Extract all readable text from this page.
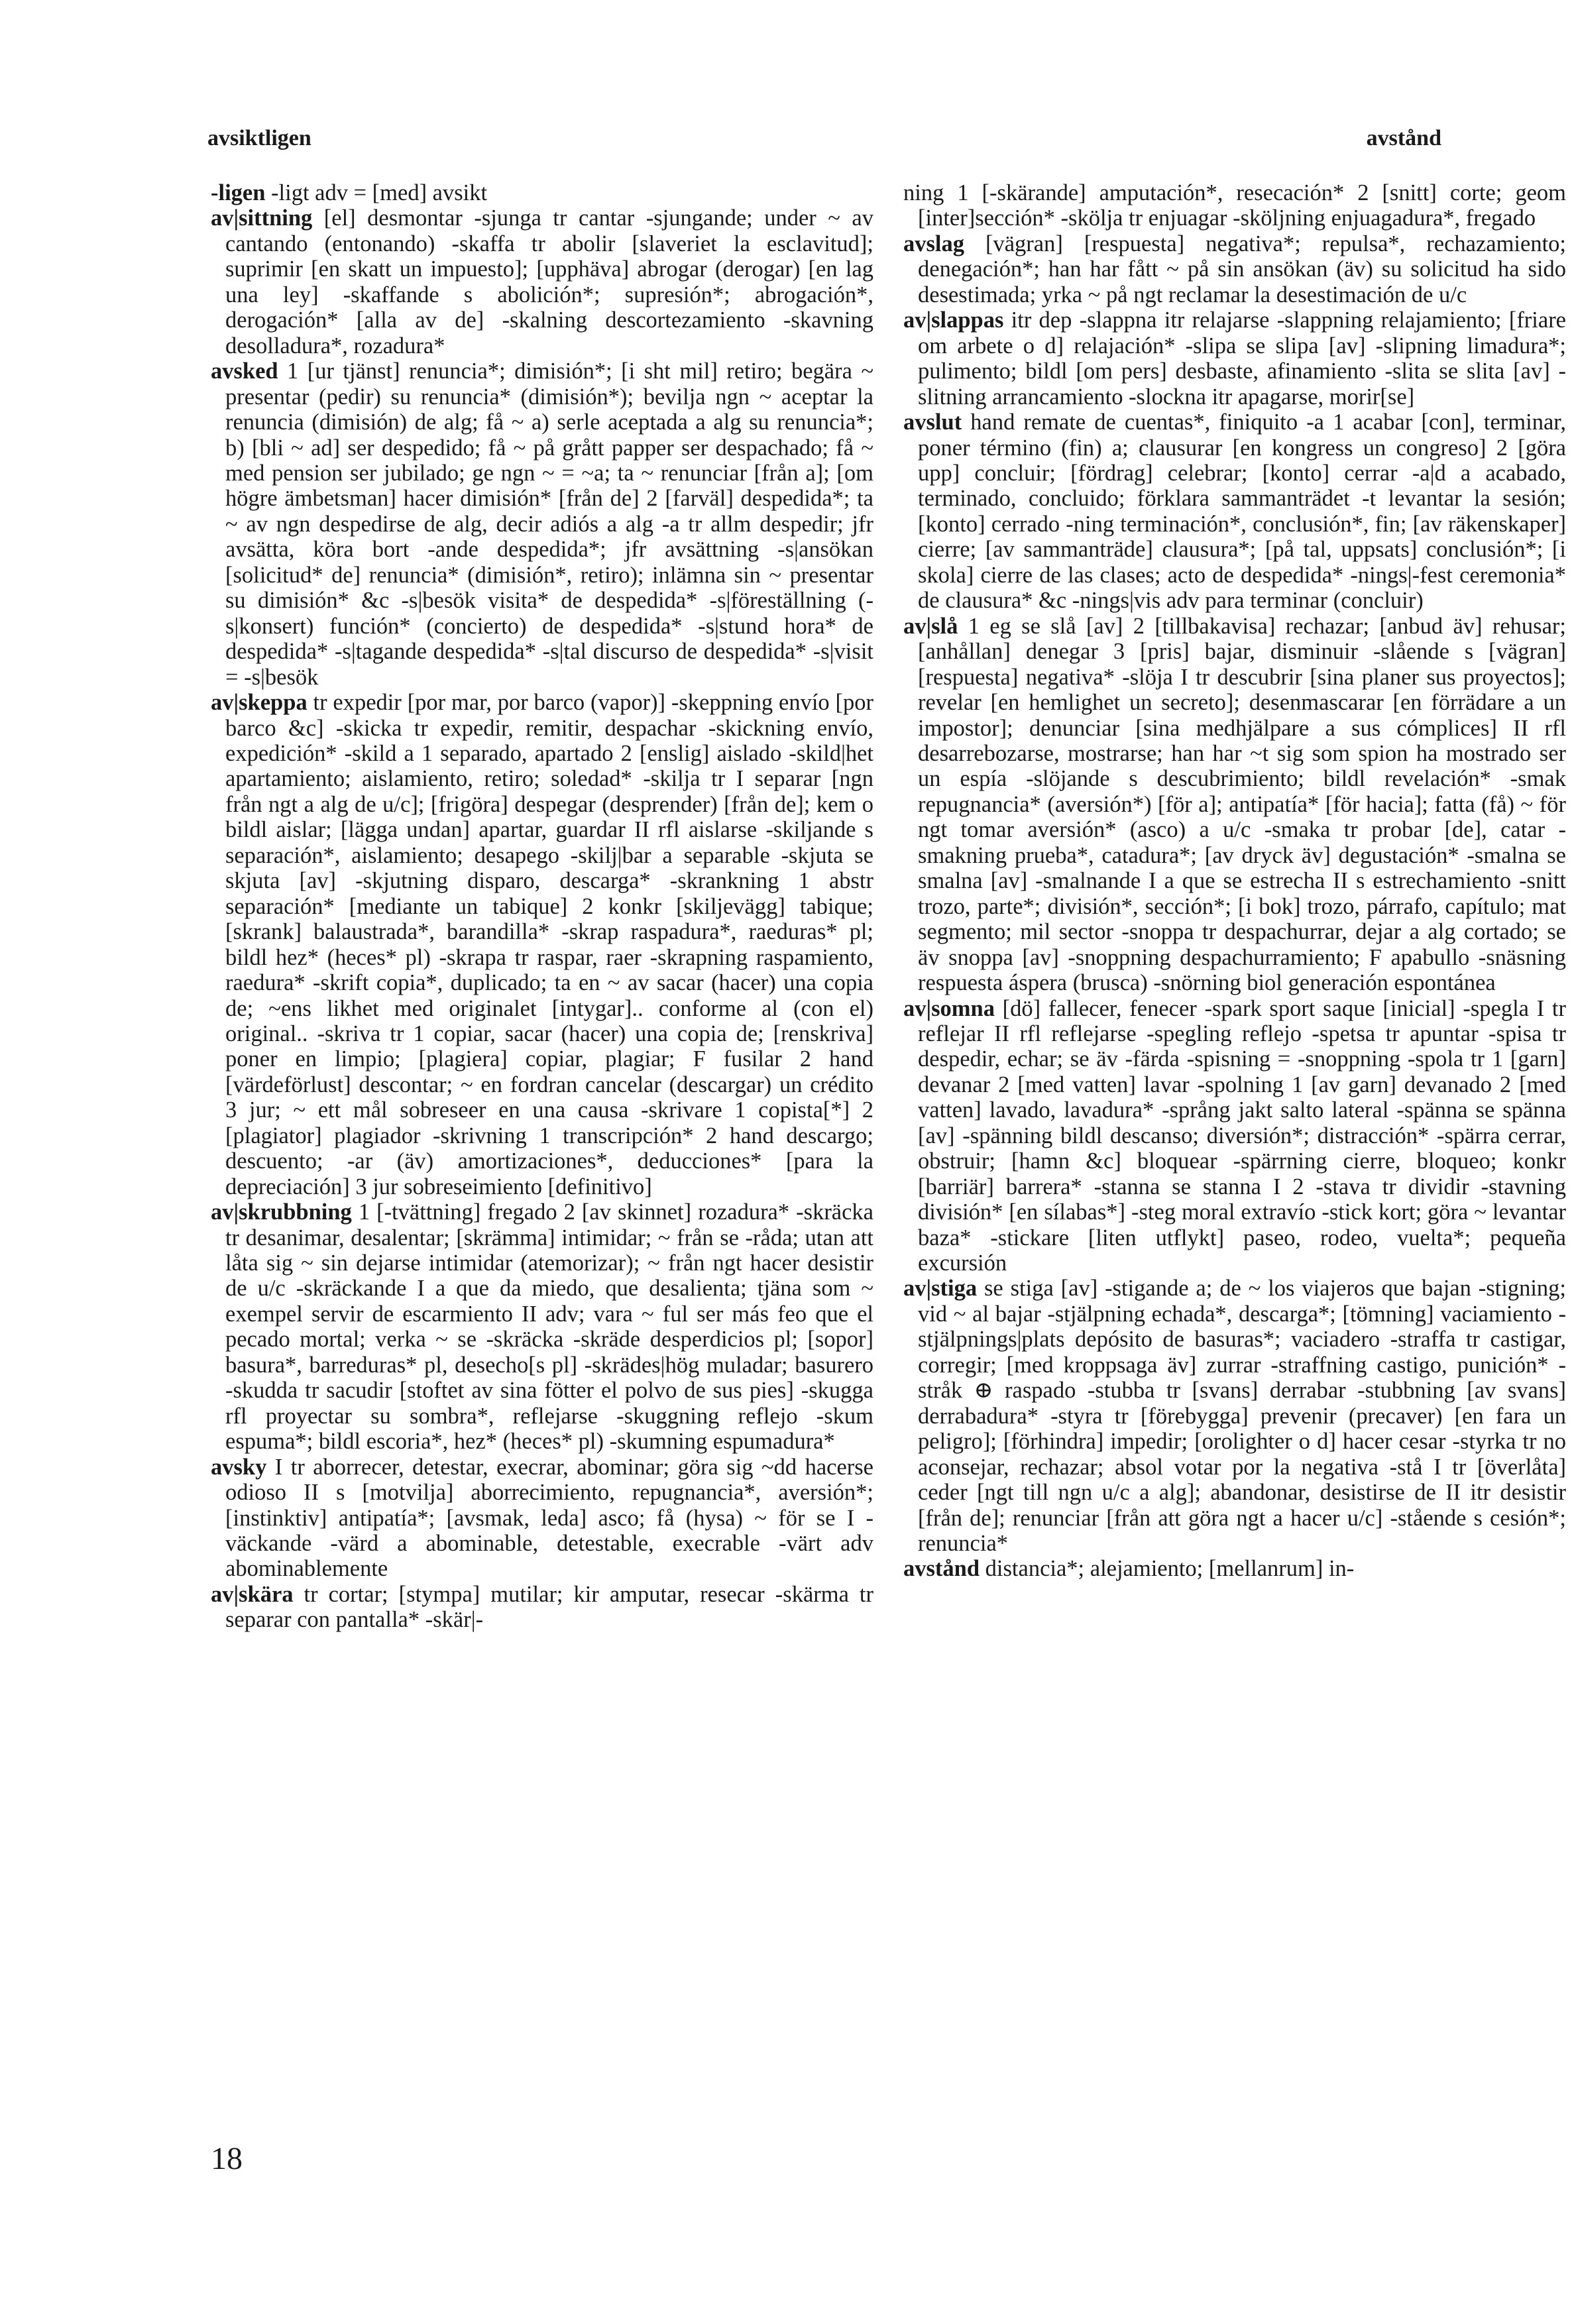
avsiktligen	avstånd

-ligen -ligt adv = [med] avsikt

av|sittning [el] desmontar -sjunga tr cantar -sjungande; under ~ av cantando (entonando) -skaffa tr abolir [slaveriet la esclavitud]; suprimir [en skatt un impuesto]; [upphäva] abrogar (derogar) [en lag una ley] -skaffande s abolición*; supresión*; abrogación*, derogación* [alla av de] -skalning descortezamiento -skavning desolladura*, rozadura*

avsked 1 [ur tjänst] renuncia*; dimisión*; [i sht mil] retiro; begära ~ presentar (pedir) su renuncia* (dimisión*); bevilja ngn ~ aceptar la renuncia (dimisión) de alg; få ~ a) serle aceptada a alg su renuncia*; b) [bli ~ ad] ser despedido; få ~ på grått papper ser despachado; få ~ med pension ser jubilado; ge ngn ~ = ~a; ta ~ renunciar [från a]; [om högre ämbetsman] hacer dimisión* [från de] 2 [farväl] despedida*; ta ~ av ngn despedirse de alg, decir adiós a alg -a tr allm despedir; jfr avsätta, köra bort -ande despedida*; jfr avsättning -s|ansökan [solicitud* de] renuncia* (dimisión*, retiro); inlämna sin ~ presentar su dimisión* &c -s|besök visita* de despedida* -s|föreställning (-s|konsert) función* (concierto) de despedida* -s|stund hora* de despedida* -s|tagande despedida* -s|tal discurso de despedida* -s|visit = -s|besök

av|skeppa tr expedir [por mar, por barco (vapor)] -skeppning envío [por barco &c] -skicka tr expedir, remitir, despachar -skickning envío, expedición* -skild a 1 separado, apartado 2 [enslig] aislado -skild|het apartamiento; aislamiento, retiro; soledad* -skilja tr I separar [ngn från ngt a alg de u/c]; [frigöra] despegar (desprender) [från de]; kem o bildl aislar; [lägga undan] apartar, guardar II rfl aislarse -skiljande s separación*, aislamiento; desapego -skilj|bar a separable -skjuta se skjuta [av] -skjutning disparo, descarga* -skrankning 1 abstr separación* [mediante un tabique] 2 konkr [skiljevägg] tabique; [skrank] balaustrada*, barandilla* -skrap raspadura*, raeduras* pl; bildl hez* (heces* pl) -skrapa tr raspar, raer -skrapning raspamiento, raedura* -skrift copia*, duplicado; ta en ~ av sacar (hacer) una copia de; ~ens likhet med originalet [intygar].. conforme al (con el) original.. -skriva tr 1 copiar, sacar (hacer) una copia de; [renskriva] poner en limpio; [plagiera] copiar, plagiar; F fusilar 2 hand [värdeförlust] descontar; ~ en fordran cancelar (descargar) un crédito 3 jur; ~ ett mål sobreseer en una causa -skrivare 1 copista[*] 2 [plagiator] plagiador -skrivning 1 transcripción* 2 hand descargo; descuento; -ar (äv) amortizaciones*, deducciones* [para la depreciación] 3 jur sobreseimiento [definitivo]

av|skrubbning 1 [-tvättning] fregado 2 [av skinnet] rozadura* -skräcka tr desanimar, desalentar; [skrämma] intimidar; ~ från se -råda; utan att låta sig ~ sin dejarse intimidar (atemorizar); ~ från ngt hacer desistir de u/c -skräckande I a que da miedo, que desalienta; tjäna som ~ exempel servir de escarmiento II adv; vara ~ ful ser más feo que el pecado mortal; verka ~ se -skräcka -skräde desperdicios pl; [sopor] basura*, barreduras* pl, desecho[s pl] -skrädes|hög muladar; basurero -skudda tr sacudir [stoftet av sina fötter el polvo de sus pies] -skugga rfl proyectar su sombra*, reflejarse -skuggning reflejo -skum espuma*; bildl escoria*, hez* (heces* pl) -skumning espumadura*

avsky I tr aborrecer, detestar, execrar, abominar; göra sig ~dd hacerse odioso II s [motvilja] aborrecimiento, repugnancia*, aversión*; [instinktiv] antipatía*; [avsmak, leda] asco; få (hysa) ~ för se I -väckande -värd a abominable, detestable, execrable -värt adv abominablemente

av|skära tr cortar; [stympa] mutilar; kir amputar, resecar -skärma tr separar con pantalla* -skär|-

ning 1 [-skärande] amputación*, resecación* 2 [snitt] corte; geom [inter]sección* -skölja tr enjuagar -sköljning enjuagadura*, fregado

avslag [vägran] [respuesta] negativa*; repulsa*, rechazamiento; denegación*; han har fått ~ på sin ansökan (äv) su solicitud ha sido desestimada; yrka ~ på ngt reclamar la desestimación de u/c

av|slappas itr dep -slappna itr relajarse -slappning relajamiento; [friare om arbete o d] relajación* -slipa se slipa [av] -slipning limadura*; pulimento; bildl [om pers] desbaste, afinamiento -slita se slita [av] -slitning arrancamiento -slockna itr apagarse, morir[se]

avslut hand remate de cuentas*, finiquito -a 1 acabar [con], terminar, poner término (fin) a; clausurar [en kongress un congreso] 2 [göra upp] concluir; [fördrag] celebrar; [konto] cerrar -a|d a acabado, terminado, concluido; förklara sammanträdet -t levantar la sesión; [konto] cerrado -ning terminación*, conclusión*, fin; [av räkenskaper] cierre; [av sammanträde] clausura*; [på tal, uppsats] conclusión*; [i skola] cierre de las clases; acto de despedida* -nings|-fest ceremonia* de clausura* &c -nings|vis adv para terminar (concluir)

av|slå 1 eg se slå [av] 2 [tillbakavisa] rechazar; [anbud äv] rehusar; [anhållan] denegar 3 [pris] bajar, disminuir -slående s [vägran] [respuesta] negativa* -slöja I tr descubrir [sina planer sus proyectos]; revelar [en hemlighet un secreto]; desenmascarar [en förrädare a un impostor]; denunciar [sina medhjälpare a sus cómplices] II rfl desarrebozarse, mostrarse; han har ~t sig som spion ha mostrado ser un espía -slöjande s descubrimiento; bildl revelación* -smak repugnancia* (aversión*) [för a]; antipatía* [för hacia]; fatta (få) ~ för ngt tomar aversión* (asco) a u/c -smaka tr probar [de], catar -smakning prueba*, catadura*; [av dryck äv] degustación* -smalna se smalna [av] -smalnande I a que se estrecha II s estrechamiento -snitt trozo, parte*; división*, sección*; [i bok] trozo, párrafo, capítulo; mat segmento; mil sector -snoppa tr despachurrar, dejar a alg cortado; se äv snoppa [av] -snoppning despachurramiento; F apabullo -snäsning respuesta áspera (brusca) -snörning biol generación espontánea

av|somna [dö] fallecer, fenecer -spark sport saque [inicial] -spegla I tr reflejar II rfl reflejarse -spegling reflejo -spetsa tr apuntar -spisa tr despedir, echar; se äv -färda -spisning = -snoppning -spola tr 1 [garn] devanar 2 [med vatten] lavar -spolning 1 [av garn] devanado 2 [med vatten] lavado, lavadura* -språng jakt salto lateral -spänna se spänna [av] -spänning bildl descanso; diversión*; distracción* -spärra cerrar, obstruir; [hamn &c] bloquear -spärrning cierre, bloqueo; konkr [barriär] barrera* -stanna se stanna I 2 -stava tr dividir -stavning división* [en sílabas*] -steg moral extravío -stick kort; göra ~ levantar baza* -stickare [liten utflykt] paseo, rodeo, vuelta*; pequeña excursión

av|stiga se stiga [av] -stigande a; de ~ los viajeros que bajan -stigning; vid ~ al bajar -stjälpning echada*, descarga*; [tömning] vaciamiento -stjälpnings|plats depósito de basuras*; vaciadero -straffa tr castigar, corregir; [med kroppsaga äv] zurrar -straffning castigo, punición* -stråk ⊕ raspado -stubba tr [svans] derrabar -stubbning [av svans] derrabadura* -styra tr [förebygga] prevenir (precaver) [en fara un peligro]; [förhindra] impedir; [orolighter o d] hacer cesar -styrka tr no aconsejar, rechazar; absol votar por la negativa -stå I tr [överlåta] ceder [ngt till ngn u/c a alg]; abandonar, desistirse de II itr desistir [från de]; renunciar [från att göra ngt a hacer u/c] -stående s cesión*; renuncia*

avstånd distancia*; alejamiento; [mellanrum] in-

18
